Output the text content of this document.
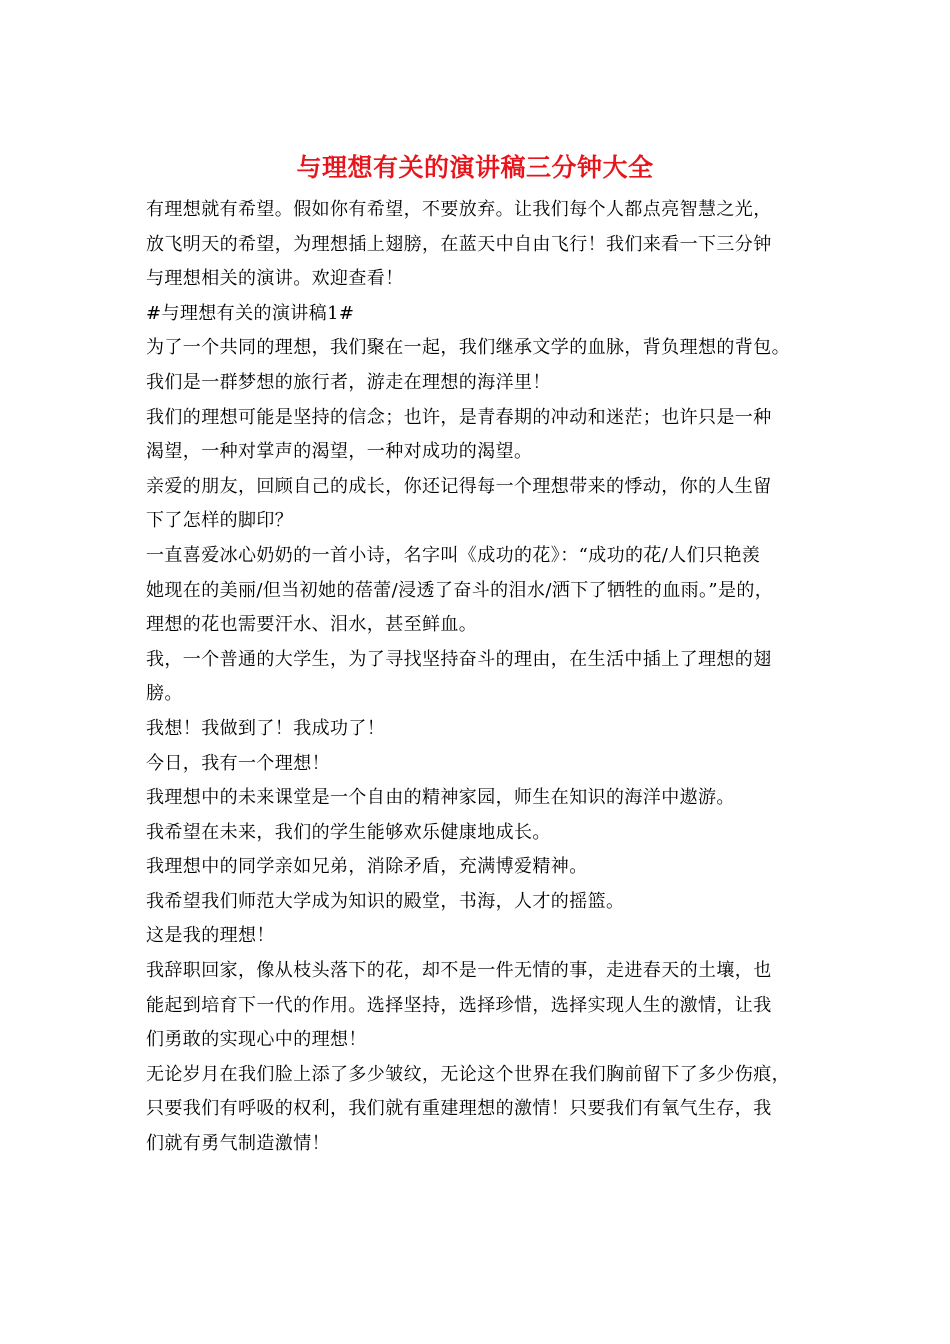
与理想有关的演讲稿三分钟大全
有理想就有希望。假如你有希望，不要放弃。让我们每个人都点亮智慧之光，
放飞明天的希望，为理想插上翅膀，在蓝天中自由飞行！我们来看一下三分钟
与理想相关的演讲。欢迎查看！
#与理想有关的演讲稿1#
为了一个共同的理想，我们聚在一起，我们继承文学的血脉，背负理想的背包。
我们是一群梦想的旅行者，游走在理想的海洋里！
我们的理想可能是坚持的信念；也许，是青春期的冲动和迷茫；也许只是一种
渴望，一种对掌声的渴望，一种对成功的渴望。
亲爱的朋友，回顾自己的成长，你还记得每一个理想带来的悸动，你的人生留
下了怎样的脚印？
一直喜爱冰心奶奶的一首小诗，名字叫《成功的花》：“成功的花/人们只艳羡
她现在的美丽/但当初她的蓓蕾/浸透了奋斗的泪水/洒下了牺牲的血雨。”是的，
理想的花也需要汗水、泪水，甚至鲜血。
我，一个普通的大学生，为了寻找坚持奋斗的理由，在生活中插上了理想的翅
膀。
我想！我做到了！我成功了！
今日，我有一个理想！
我理想中的未来课堂是一个自由的精神家园，师生在知识的海洋中遨游。
我希望在未来，我们的学生能够欢乐健康地成长。
我理想中的同学亲如兄弟，消除矛盾，充满博爱精神。
我希望我们师范大学成为知识的殿堂，书海，人才的摇篮。
这是我的理想！
我辞职回家，像从枝头落下的花，却不是一件无情的事，走进春天的土壤，也
能起到培育下一代的作用。选择坚持，选择珍惜，选择实现人生的激情，让我
们勇敢的实现心中的理想！
无论岁月在我们脸上添了多少皱纹，无论这个世界在我们胸前留下了多少伤痕，
只要我们有呼吸的权利，我们就有重建理想的激情！只要我们有氧气生存，我
们就有勇气制造激情！
